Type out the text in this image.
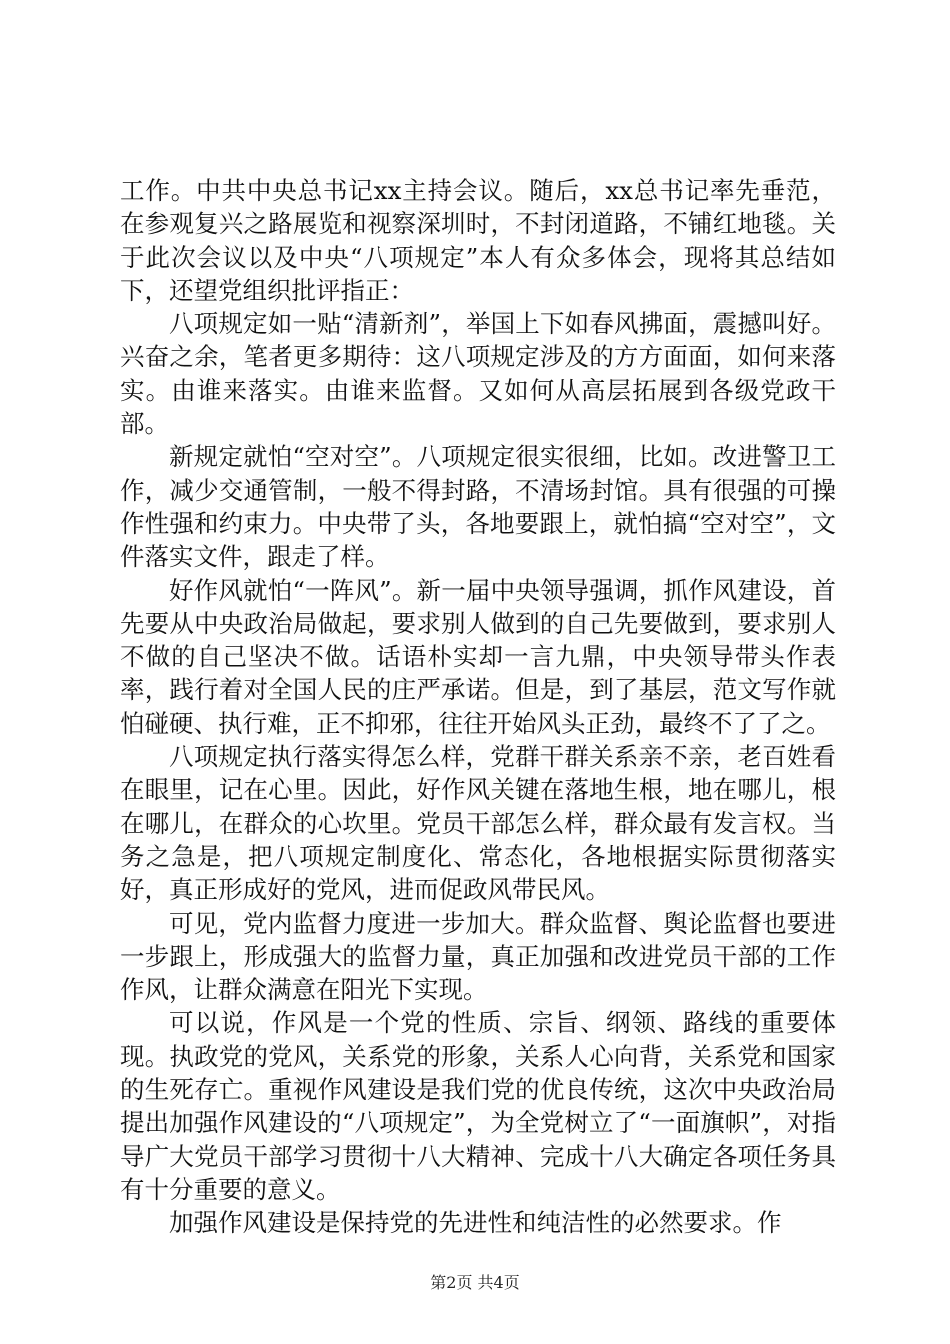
工作。中共中央总书记xx主持会议。随后，xx总书记率先垂范，在参观复兴之路展览和视察深圳时，不封闭道路，不铺红地毯。关于此次会议以及中央“八项规定”本人有众多体会，现将其总结如下，还望党组织批评指正：

八项规定如一贴“清新剂”，举国上下如春风拂面，震撼叫好。兴奋之余，笔者更多期待：这八项规定涉及的方方面面，如何来落实。由谁来落实。由谁来监督。又如何从高层拓展到各级党政干部。

新规定就怕“空对空”。八项规定很实很细，比如。改进警卫工作，减少交通管制，一般不得封路，不清场封馆。具有很强的可操作性强和约束力。中央带了头，各地要跟上，就怕搞“空对空”，文件落实文件，跟走了样。

好作风就怕“一阵风”。新一届中央领导强调，抓作风建设，首先要从中央政治局做起，要求别人做到的自己先要做到，要求别人不做的自己坚决不做。话语朴实却一言九鼎，中央领导带头作表率，践行着对全国人民的庄严承诺。但是，到了基层，范文写作就怕碰硬、执行难，正不抑邪，往往开始风头正劲，最终不了了之。

八项规定执行落实得怎么样，党群干群关系亲不亲，老百姓看在眼里，记在心里。因此，好作风关键在落地生根，地在哪儿，根在哪儿，在群众的心坎里。党员干部怎么样，群众最有发言权。当务之急是，把八项规定制度化、常态化，各地根据实际贯彻落实好，真正形成好的党风，进而促政风带民风。

可见，党内监督力度进一步加大。群众监督、舆论监督也要进一步跟上，形成强大的监督力量，真正加强和改进党员干部的工作作风，让群众满意在阳光下实现。

可以说，作风是一个党的性质、宗旨、纲领、路线的重要体现。执政党的党风，关系党的形象，关系人心向背，关系党和国家的生死存亡。重视作风建设是我们党的优良传统，这次中央政治局提出加强作风建设的“八项规定”，为全党树立了“一面旗帜”，对指导广大党员干部学习贯彻十八大精神、完成十八大确定各项任务具有十分重要的意义。

加强作风建设是保持党的先进性和纯洁性的必然要求。作

第2页 共4页
